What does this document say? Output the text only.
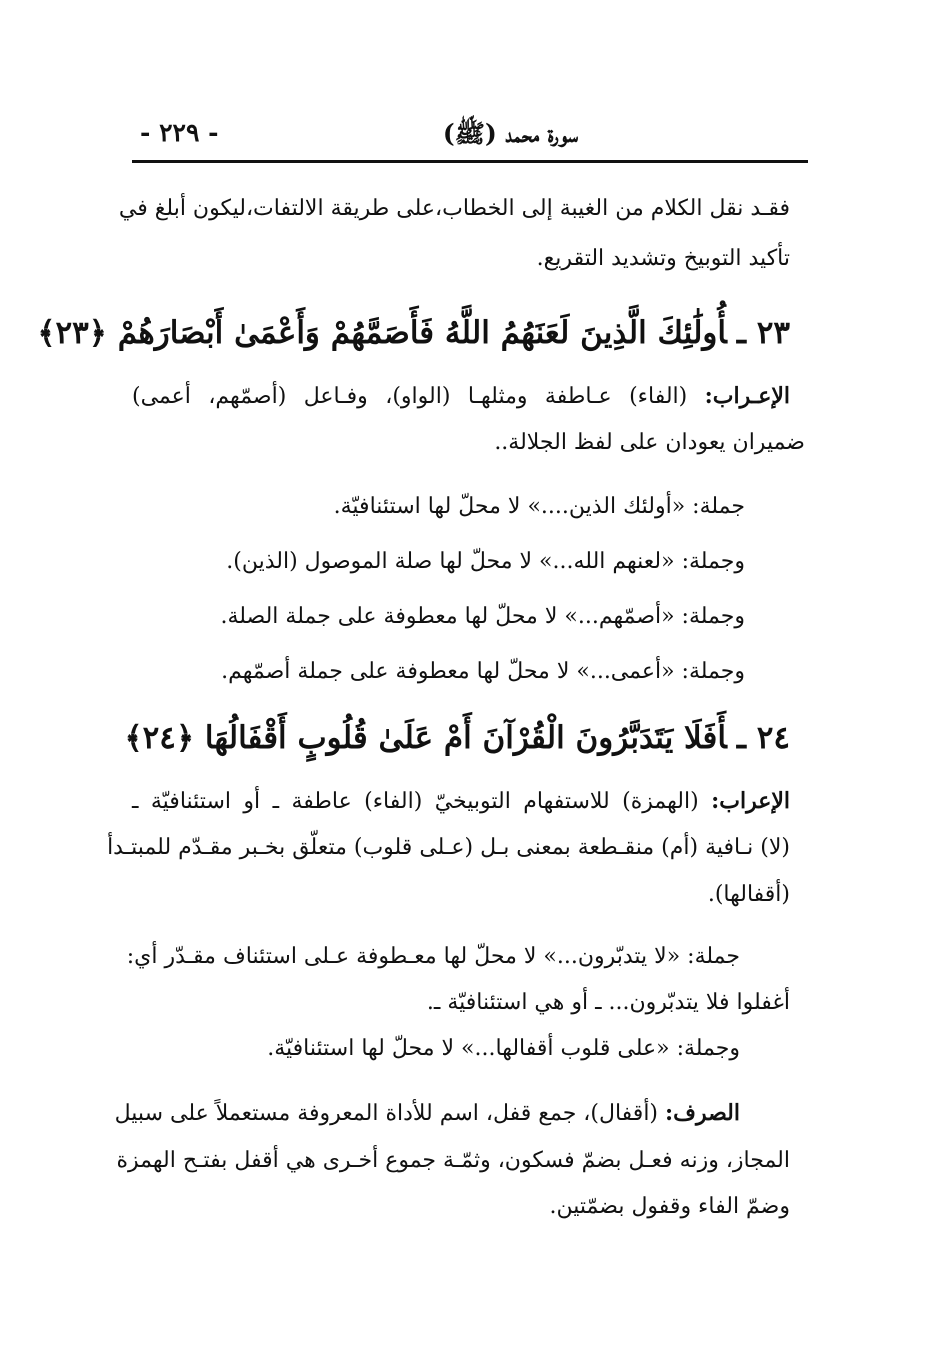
سورة محمد (ﷺ)
- ٢٢٩ -
فقـد نقل الكلام من الغيبة إلى الخطاب،على طريقة الالتفات،ليكون أبلغ في
تأكيد التوبيخ وتشديد التقريع.
٢٣ ـأُولَٰئِكَ الَّذِينَ لَعَنَهُمُ اللَّهُ فَأَصَمَّهُمْ وَأَعْمَىٰ أَبْصَارَهُمْ ﴿٢٣﴾
الإعـراب: (الفاء) عـاطفة ومثلهـا (الواو)، وفـاعل (أصمّهم، أعمى)
ضميران يعودان على لفظ الجلالة..
جملة: «أولئك الذين....» لا محلّ لها استئنافيّة.
وجملة: «لعنهم الله...» لا محلّ لها صلة الموصول (الذين).
وجملة: «أصمّهم...» لا محلّ لها معطوفة على جملة الصلة.
وجملة: «أعمى...» لا محلّ لها معطوفة على جملة أصمّهم.
٢٤ ـأَفَلَا يَتَدَبَّرُونَ الْقُرْآنَ أَمْ عَلَىٰ قُلُوبٍ أَقْفَالُهَا ﴿٢٤﴾
الإعراب: (الهمزة) للاستفهام التوبيخيّ (الفاء) عاطفة ـ أو استئنافيّة ـ
(لا) نـافية (أم) منقـطعة بمعنى بـل (عـلى قلوب) متعلّق بخـبر مقـدّم للمبتـدأ
(أقفالها).
جملة: «لا يتدبّرون...» لا محلّ لها معـطوفة عـلى استئناف مقـدّر أي:
أغفلوا فلا يتدبّرون... ـ أو هي استئنافيّة ـ.
وجملة: «على قلوب أقفالها...» لا محلّ لها استئنافيّة.
الصرف: (أقفال)، جمع قفل، اسم للأداة المعروفة مستعملاً على سبيل
المجاز، وزنه فعـل بضمّ فسكون، وثمّـة جموع أخـرى هي أقفل بفتـح الهمزة
وضمّ الفاء وقفول بضمّتين.
